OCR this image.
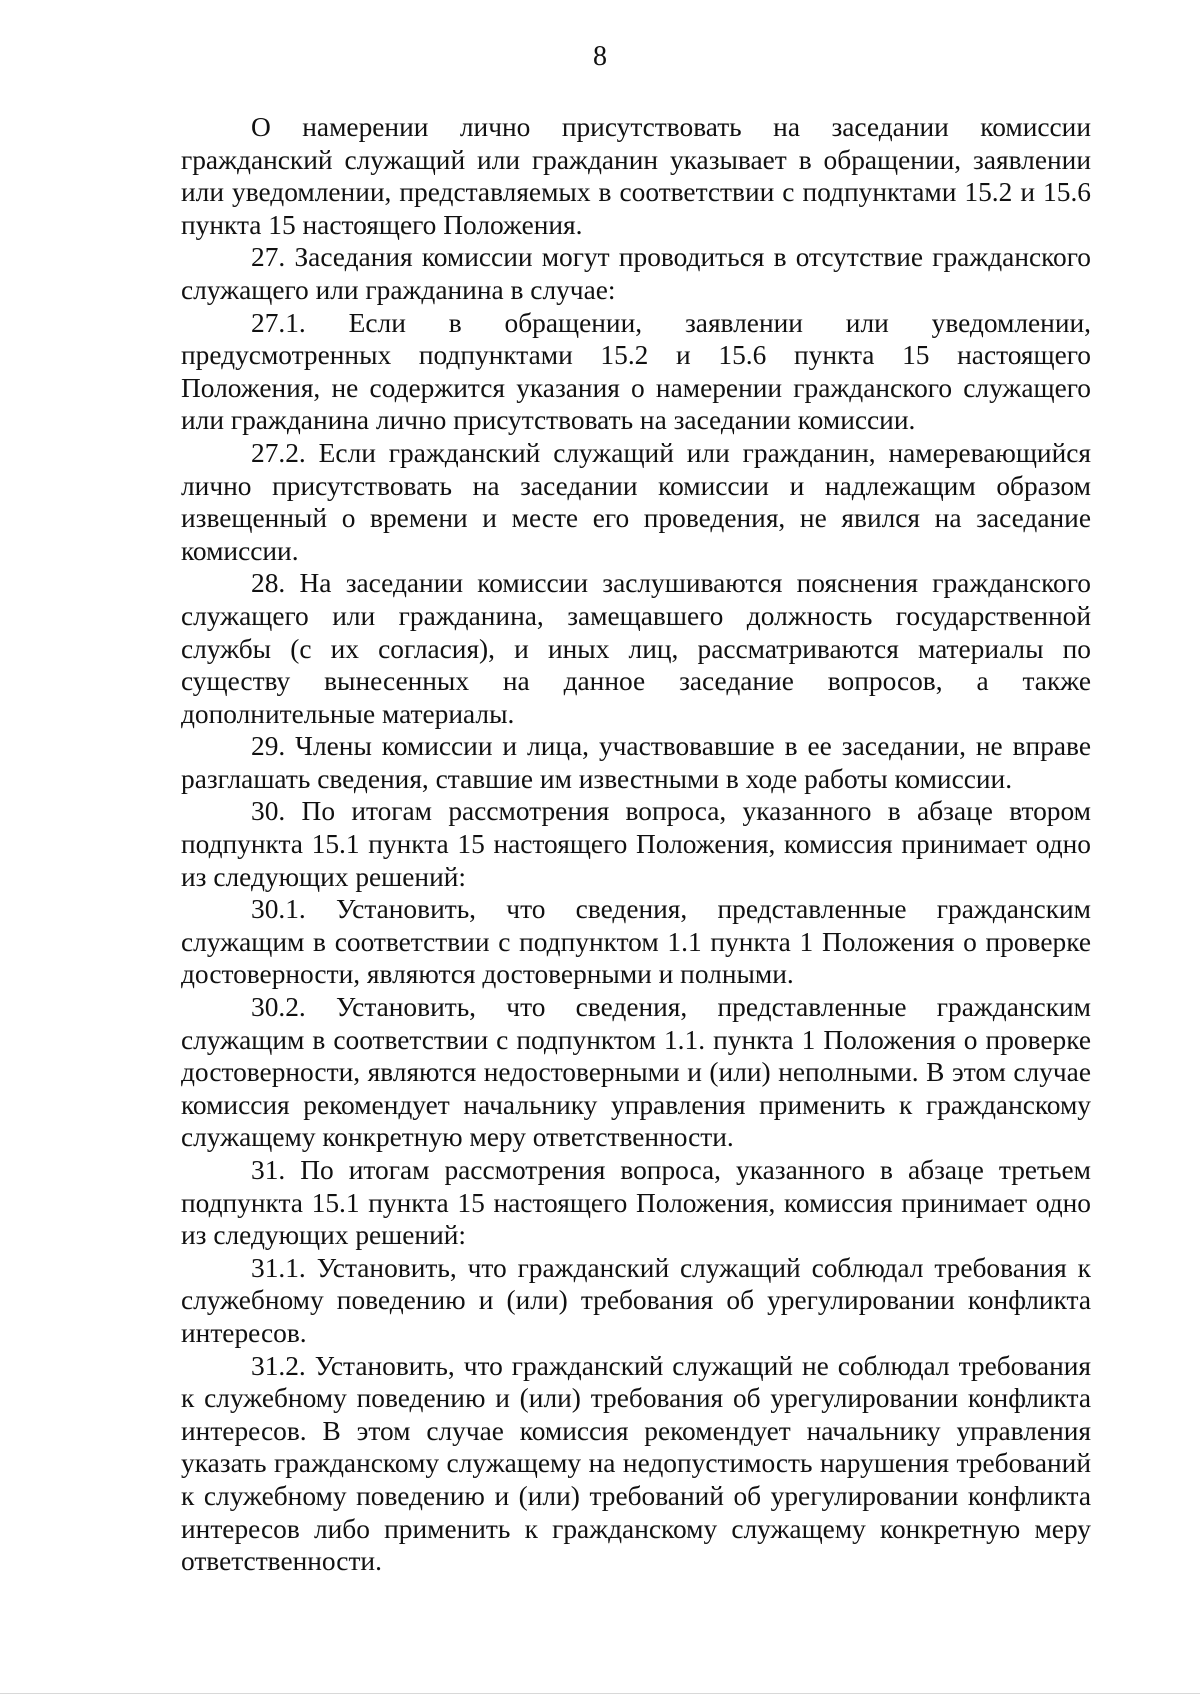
8

О намерении лично присутствовать на заседании комиссии гражданский служащий или гражданин указывает в обращении, заявлении или уведомлении, представляемых в соответствии с подпунктами 15.2 и 15.6 пункта 15 настоящего Положения.

27. Заседания комиссии могут проводиться в отсутствие гражданского служащего или гражданина в случае:

27.1. Если в обращении, заявлении или уведомлении, предусмотренных подпунктами 15.2 и 15.6 пункта 15 настоящего Положения, не содержится указания о намерении гражданского служащего или гражданина лично присутствовать на заседании комиссии.

27.2. Если гражданский служащий или гражданин, намеревающийся лично присутствовать на заседании комиссии и надлежащим образом извещенный о времени и месте его проведения, не явился на заседание комиссии.

28. На заседании комиссии заслушиваются пояснения гражданского служащего или гражданина, замещавшего должность государственной службы (с их согласия), и иных лиц, рассматриваются материалы по существу вынесенных на данное заседание вопросов, а также дополнительные материалы.

29. Члены комиссии и лица, участвовавшие в ее заседании, не вправе разглашать сведения, ставшие им известными в ходе работы комиссии.

30. По итогам рассмотрения вопроса, указанного в абзаце втором подпункта 15.1 пункта 15 настоящего Положения, комиссия принимает одно из следующих решений:

30.1. Установить, что сведения, представленные гражданским служащим в соответствии с подпунктом 1.1 пункта 1 Положения о проверке достоверности, являются достоверными и полными.

30.2. Установить, что сведения, представленные гражданским служащим в соответствии с подпунктом 1.1. пункта 1 Положения о проверке достоверности, являются недостоверными и (или) неполными. В этом случае комиссия рекомендует начальнику управления применить к гражданскому служащему конкретную меру ответственности.

31. По итогам рассмотрения вопроса, указанного в абзаце третьем подпункта 15.1 пункта 15 настоящего Положения, комиссия принимает одно из следующих решений:

31.1. Установить, что гражданский служащий соблюдал требования к служебному поведению и (или) требования об урегулировании конфликта интересов.

31.2. Установить, что гражданский служащий не соблюдал требования к служебному поведению и (или) требования об урегулировании конфликта интересов. В этом случае комиссия рекомендует начальнику управления указать гражданскому служащему на недопустимость нарушения требований к служебному поведению и (или) требований об урегулировании конфликта интересов либо применить к гражданскому служащему конкретную меру ответственности.
